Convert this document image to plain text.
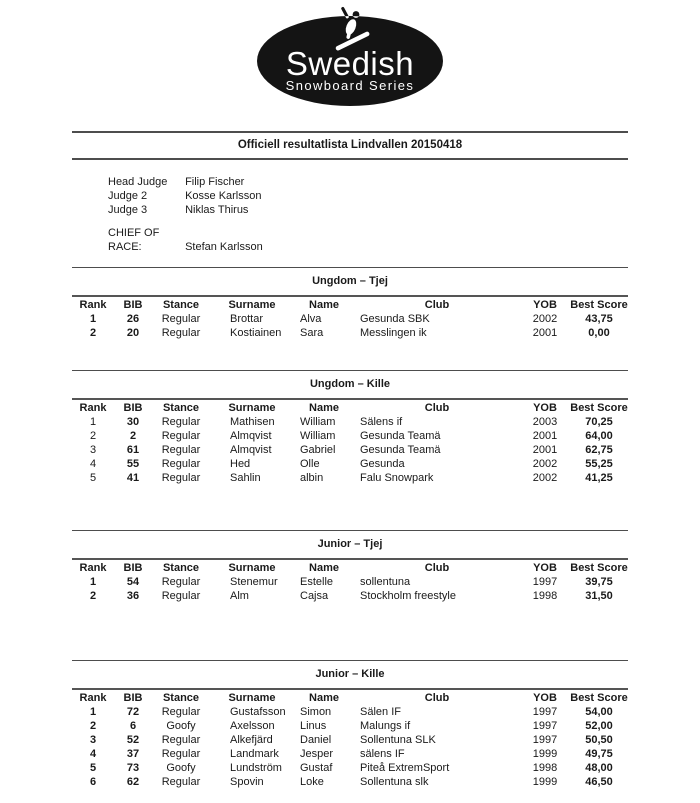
Swedish
Snowboard Series
Officiell resultatlista Lindvallen 20150418
Head Judge Filip Fischer
Judge 2	Kosse Karlsson
Judge 3	Niklas Thirus
CHIEF OF RACE:	Stefan Karlsson
Ungdom – Tjej
Rank	BIB	Stance	Surname	Name	Club	YOB	Best Score
1	26	Regular	Brottar	Alva	Gesunda SBK	2002	43,75
2	20	Regular	Kostiainen	Sara	Messlingen ik	2001	0,00
Ungdom – Kille
Rank	BIB	Stance	Surname	Name	Club	YOB	Best Score
1	30	Regular	Mathisen	William	Sälens if	2003	70,25
2	2	Regular	Almqvist	William	Gesunda Teamä	2001	64,00
3	61	Regular	Almqvist	Gabriel	Gesunda Teamä	2001	62,75
4	55	Regular	Hed	Olle	Gesunda	2002	55,25
5	41	Regular	Sahlin	albin	Falu Snowpark	2002	41,25
Junior – Tjej
Rank	BIB	Stance	Surname	Name	Club	YOB	Best Score
1	54	Regular	Stenemur	Estelle	sollentuna	1997	39,75
2	36	Regular	Alm	Cajsa	Stockholm freestyle	1998	31,50
Junior – Kille
Rank	BIB	Stance	Surname	Name	Club	YOB	Best Score
1	72	Regular	Gustafsson	Simon	Sälen IF	1997	54,00
2	6	Goofy	Axelsson	Linus	Malungs if	1997	52,00
3	52	Regular	Alkefjärd	Daniel	Sollentuna SLK	1997	50,50
4	37	Regular	Landmark	Jesper	sälens IF	1999	49,75
5	73	Goofy	Lundström	Gustaf	Piteå ExtremSport	1998	48,00
6	62	Regular	Spovin	Loke	Sollentuna slk	1999	46,50
